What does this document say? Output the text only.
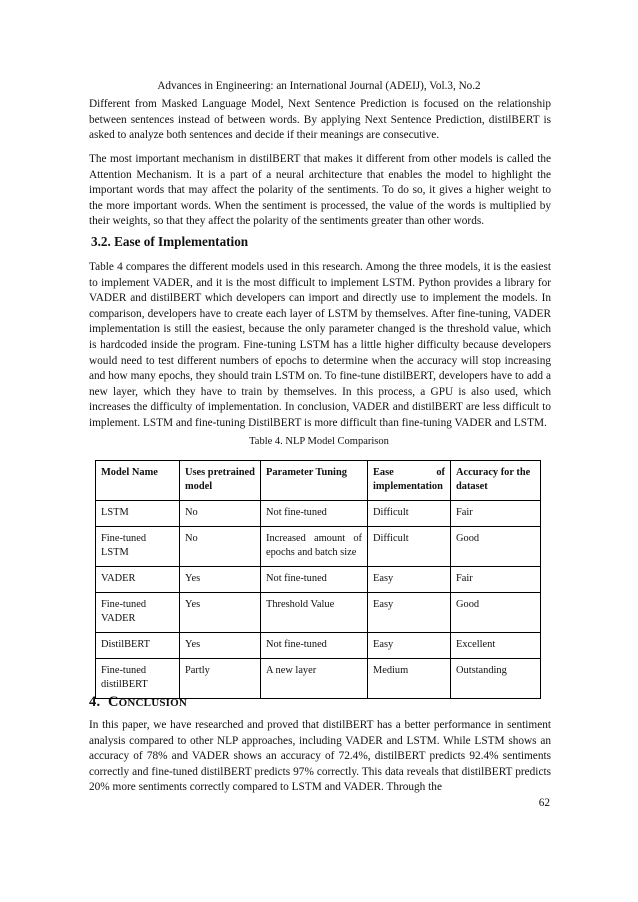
Advances in Engineering: an International Journal (ADEIJ), Vol.3, No.2

Different from Masked Language Model, Next Sentence Prediction is focused on the relationship between sentences instead of between words. By applying Next Sentence Prediction, distilBERT is asked to analyze both sentences and decide if their meanings are consecutive.

The most important mechanism in distilBERT that makes it different from other models is called the Attention Mechanism. It is a part of a neural architecture that enables the model to highlight the important words that may affect the polarity of the sentiments. To do so, it gives a higher weight to the more important words. When the sentiment is processed, the value of the words is multiplied by their weights, so that they affect the polarity of the sentiments greater than other words.

3.2. Ease of Implementation

Table 4 compares the different models used in this research. Among the three models, it is the easiest to implement VADER, and it is the most difficult to implement LSTM. Python provides a library for VADER and distilBERT which developers can import and directly use to implement the models. In comparison, developers have to create each layer of LSTM by themselves. After fine-tuning, VADER implementation is still the easiest, because the only parameter changed is the threshold value, which is hardcoded inside the program. Fine-tuning LSTM has a little higher difficulty because developers would need to test different numbers of epochs to determine when the accuracy will stop increasing and how many epochs, they should train LSTM on. To fine-tune distilBERT, developers have to add a new layer, which they have to train by themselves. In this process, a GPU is also used, which increases the difficulty of implementation. In conclusion, VADER and distilBERT are less difficult to implement. LSTM and fine-tuning DistilBERT is more difficult than fine-tuning VADER and LSTM.

Table 4. NLP Model Comparison
Model Name	Uses pretrained model	Parameter Tuning	Ease of implementation	Accuracy for the dataset
LSTM	No	Not fine-tuned	Difficult	Fair
Fine-tuned LSTM	No	Increased amount of epochs and batch size	Difficult	Good
VADER	Yes	Not fine-tuned	Easy	Fair
Fine-tuned VADER	Yes	Threshold Value	Easy	Good
DistilBERT	Yes	Not fine-tuned	Easy	Excellent
Fine-tuned distilBERT	Partly	A new layer	Medium	Outstanding
4. CONCLUSION

In this paper, we have researched and proved that distilBERT has a better performance in sentiment analysis compared to other NLP approaches, including VADER and LSTM. While LSTM shows an accuracy of 78% and VADER shows an accuracy of 72.4%, distilBERT predicts 92.4% sentiments correctly and fine-tuned distilBERT predicts 97% correctly. This data reveals that distilBERT predicts 20% more sentiments correctly compared to LSTM and VADER. Through the

62
